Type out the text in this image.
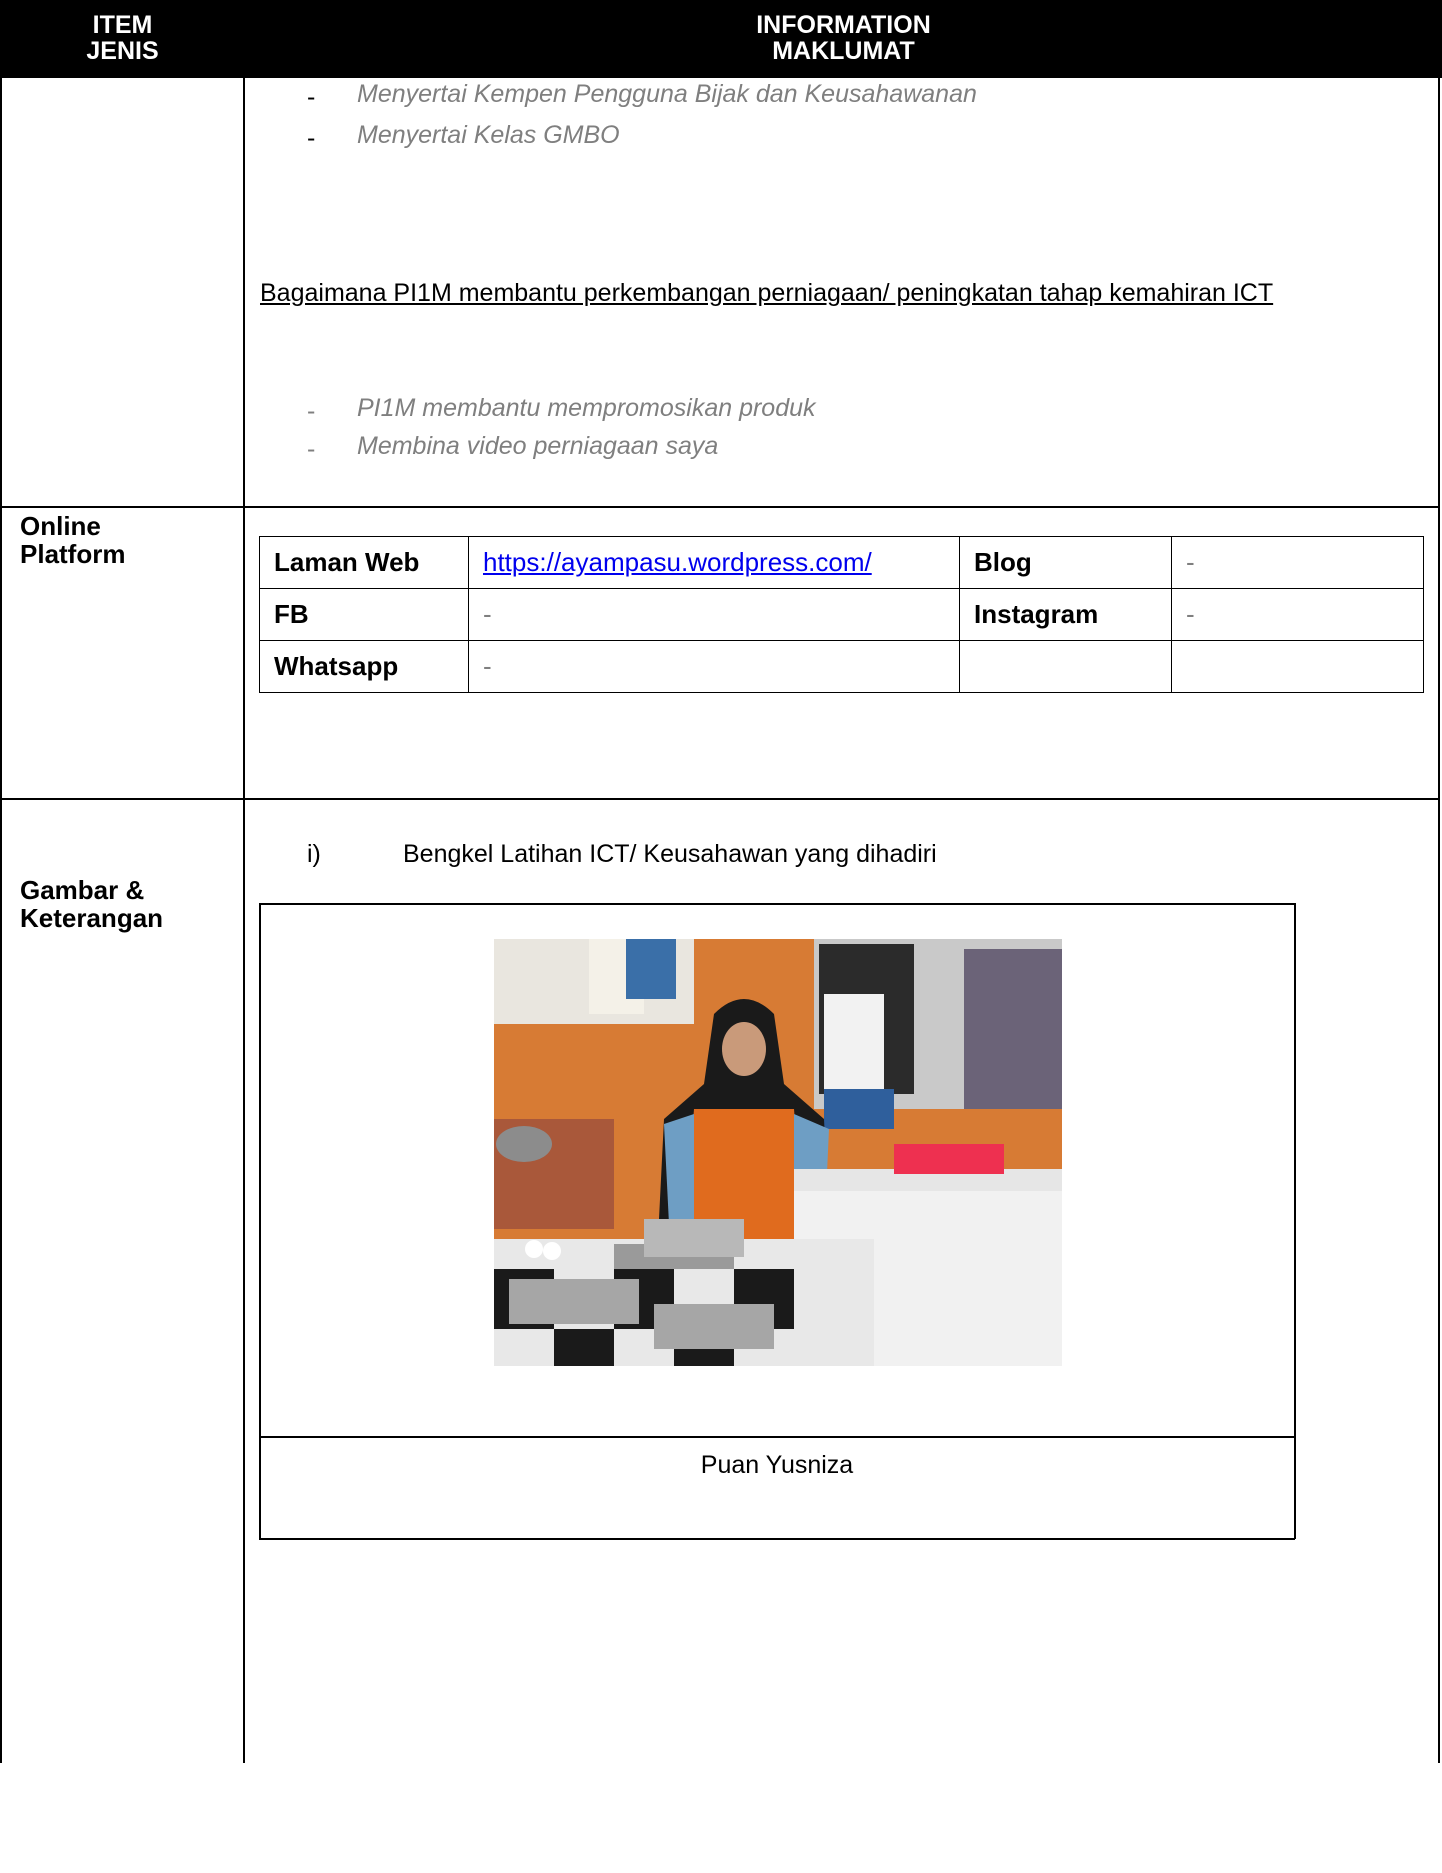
ITEM
JENIS
INFORMATION
MAKLUMAT
- Menyertai Kempen Pengguna Bijak dan Keusahawanan
- Menyertai Kelas GMBO
Bagaimana PI1M membantu perkembangan perniagaan/ peningkatan tahap kemahiran ICT
- PI1M membantu mempromosikan produk
- Membina video perniagaan saya
Online Platform	Laman Web	https://ayampasu.wordpress.com/	Blog	-
FB	-	Instagram	-
Whatsapp	-		
Gambar & Keterangan
i)	Bengkel Latihan ICT/ Keusahawan yang dihadiri
Puan Yusniza
